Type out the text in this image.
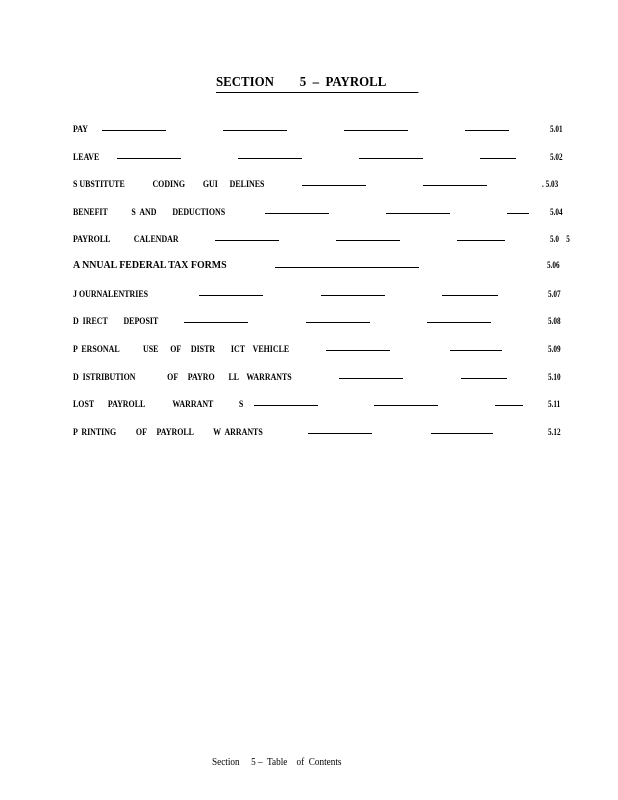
SECTION        5  –  PAYROLL
PAY	5.01
LEAVE	5.02
S UBSTITUTE              CODING         GUI      DELINES	. 5.03
BENEFIT            S  AND        DEDUCTIONS	5.04
PAYROLL            CALENDAR	5.0    5
A NNUAL FEDERAL TAX FORMS	5.06
J OURNALENTRIES	5.07
D  IRECT        DEPOSIT	5.08
P  ERSONAL            USE      OF     DISTR        ICT    VEHICLE	5.09
D  ISTRIBUTION                OF     PAYRO       LL    WARRANTS	5.10
LOST       PAYROLL              WARRANT             S	5.11
P  RINTING          OF     PAYROLL          W  ARRANTS	5.12
Section     5 –  Table    of  Contents
